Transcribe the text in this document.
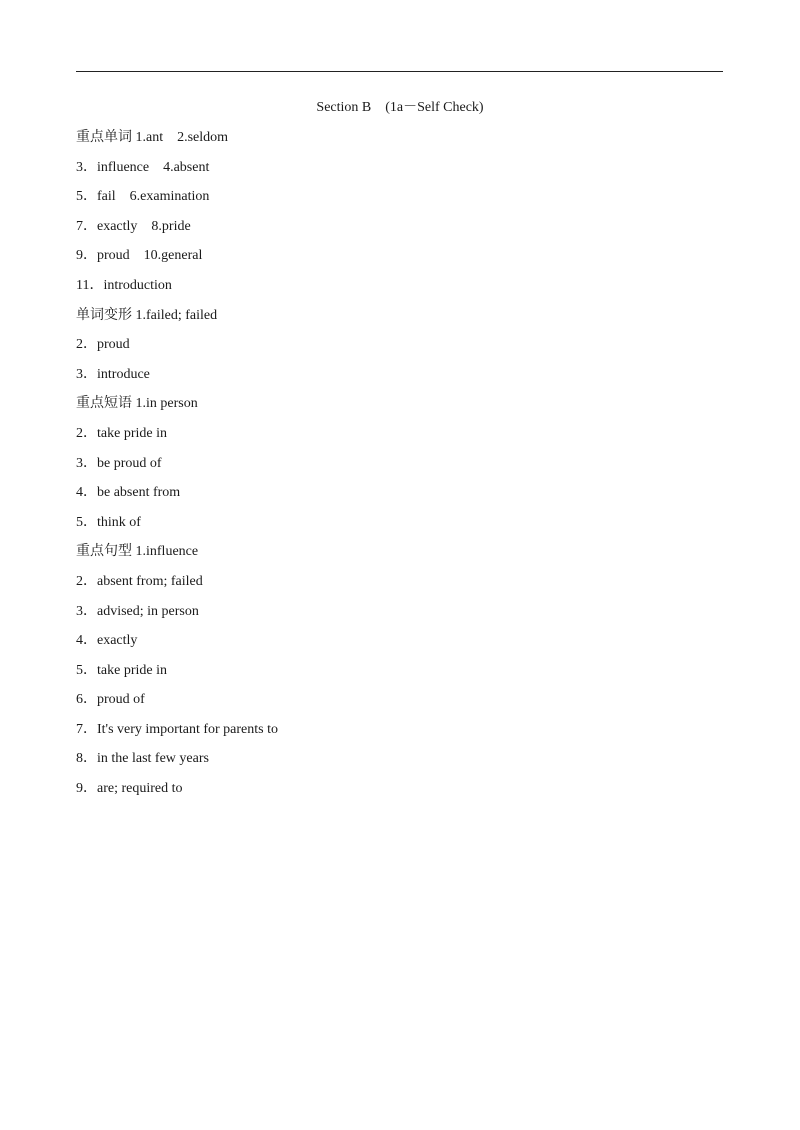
Section B　(1a－Self Check)
重点单词 1.ant　2.seldom
3．influence　4.absent
5．fail　6.examination
7．exactly　8.pride
9．proud　10.general
11．introduction
单词变形 1.failed; failed
2．proud
3．introduce
重点短语 1.in person
2．take pride in
3．be proud of
4．be absent from
5．think of
重点句型 1.influence
2．absent from; failed
3．advised; in person
4．exactly
5．take pride in
6．proud of
7．It's very important for parents to
8．in the last few years
9．are; required to
